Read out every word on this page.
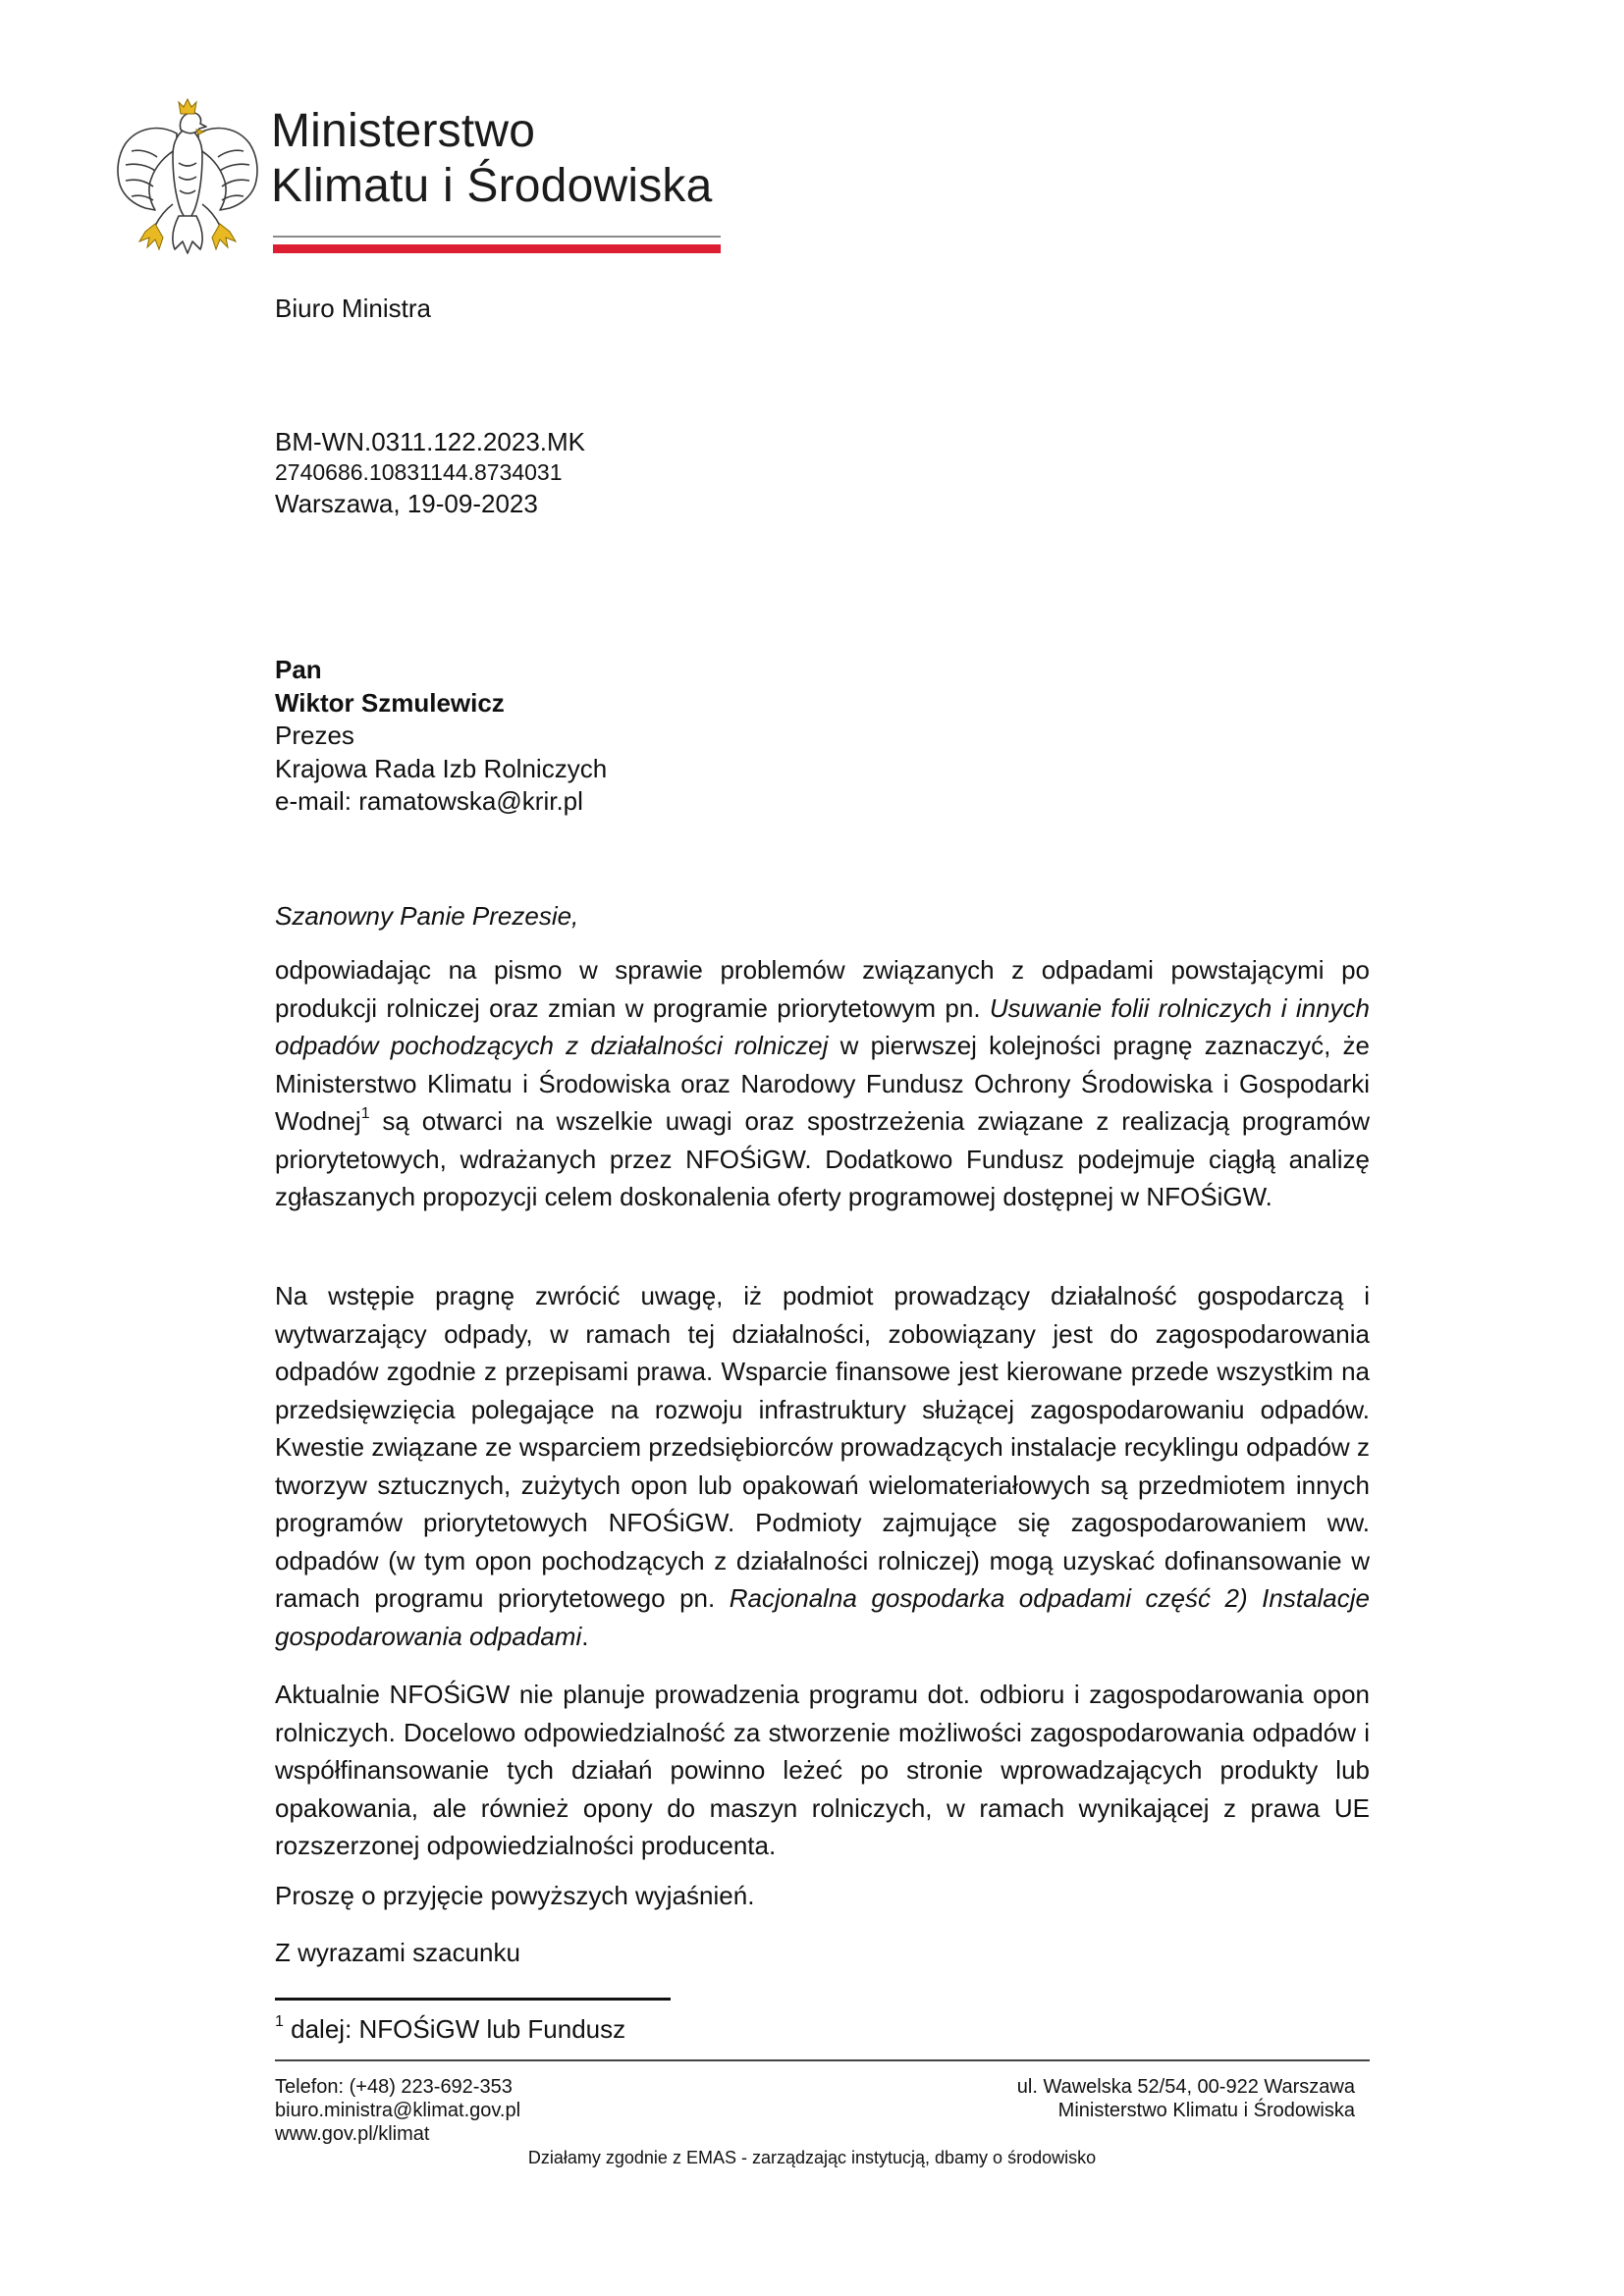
Ministerstwo
Klimatu i Środowiska
Biuro Ministra
BM-WN.0311.122.2023.MK
2740686.10831144.8734031
Warszawa, 19-09-2023
Pan
Wiktor Szmulewicz
Prezes
Krajowa Rada Izb Rolniczych
e-mail: ramatowska@krir.pl
Szanowny Panie Prezesie,
odpowiadając na pismo w sprawie problemów związanych z odpadami powstającymi po produkcji rolniczej oraz zmian w programie priorytetowym pn. Usuwanie folii rolniczych i innych odpadów pochodzących z działalności rolniczej w pierwszej kolejności pragnę zaznaczyć, że Ministerstwo Klimatu i Środowiska oraz Narodowy Fundusz Ochrony Środowiska i Gospodarki Wodnej$^1$ są otwarci na wszelkie uwagi oraz spostrzeżenia związane z realizacją programów priorytetowych, wdrażanych przez NFOŚiGW. Dodatkowo Fundusz podejmuje ciągłą analizę zgłaszanych propozycji celem doskonalenia oferty programowej dostępnej w NFOŚiGW.
Na wstępie pragnę zwrócić uwagę, iż podmiot prowadzący działalność gospodarczą i wytwarzający odpady, w ramach tej działalności, zobowiązany jest do zagospodarowania odpadów zgodnie z przepisami prawa. Wsparcie finansowe jest kierowane przede wszystkim na przedsięwzięcia polegające na rozwoju infrastruktury służącej zagospodarowaniu odpadów. Kwestie związane ze wsparciem przedsiębiorców prowadzących instalacje recyklingu odpadów z tworzyw sztucznych, zużytych opon lub opakowań wielomateriałowych są przedmiotem innych programów priorytetowych NFOŚiGW. Podmioty zajmujące się zagospodarowaniem ww. odpadów (w tym opon pochodzących z działalności rolniczej) mogą uzyskać dofinansowanie w ramach programu priorytetowego pn. Racjonalna gospodarka odpadami część 2) Instalacje gospodarowania odpadami.
Aktualnie NFOŚiGW nie planuje prowadzenia programu dot. odbioru i zagospodarowania opon rolniczych. Docelowo odpowiedzialność za stworzenie możliwości zagospodarowania odpadów i współfinansowanie tych działań powinno leżeć po stronie wprowadzających produkty lub opakowania, ale również opony do maszyn rolniczych, w ramach wynikającej z prawa UE rozszerzonej odpowiedzialności producenta.
Proszę o przyjęcie powyższych wyjaśnień.
Z wyrazami szacunku
$^1$ dalej: NFOŚiGW lub Fundusz
Telefon: (+48) 223-692-353
biuro.ministra@klimat.gov.pl
www.gov.pl/klimat
ul. Wawelska 52/54, 00-922 Warszawa
Ministerstwo Klimatu i Środowiska
Działamy zgodnie z EMAS - zarządzając instytucją, dbamy o środowisko
